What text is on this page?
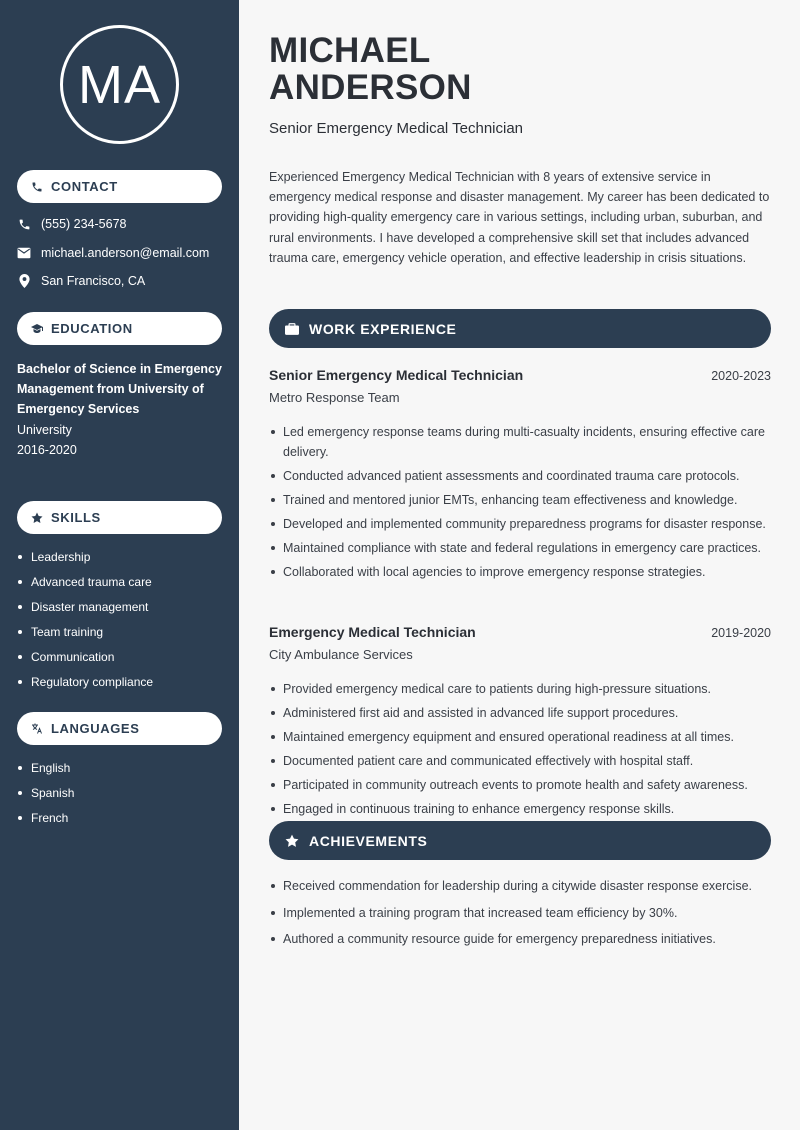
MA
CONTACT
(555) 234-5678
michael.anderson@email.com
San Francisco, CA
EDUCATION
Bachelor of Science in Emergency Management from University of Emergency Services
University
2016-2020
SKILLS
Leadership
Advanced trauma care
Disaster management
Team training
Communication
Regulatory compliance
LANGUAGES
English
Spanish
French
MICHAEL
ANDERSON
Senior Emergency Medical Technician

Experienced Emergency Medical Technician with 8 years of extensive service in emergency medical response and disaster management. My career has been dedicated to providing high-quality emergency care in various settings, including urban, suburban, and rural environments. I have developed a comprehensive skill set that includes advanced trauma care, emergency vehicle operation, and effective leadership in crisis situations.

WORK EXPERIENCE
Senior Emergency Medical Technician	2020-2023
Metro Response Team
Led emergency response teams during multi-casualty incidents, ensuring effective care delivery.
Conducted advanced patient assessments and coordinated trauma care protocols.
Trained and mentored junior EMTs, enhancing team effectiveness and knowledge.
Developed and implemented community preparedness programs for disaster response.
Maintained compliance with state and federal regulations in emergency care practices.
Collaborated with local agencies to improve emergency response strategies.
Emergency Medical Technician	2019-2020
City Ambulance Services
Provided emergency medical care to patients during high-pressure situations.
Administered first aid and assisted in advanced life support procedures.
Maintained emergency equipment and ensured operational readiness at all times.
Documented patient care and communicated effectively with hospital staff.
Participated in community outreach events to promote health and safety awareness.
Engaged in continuous training to enhance emergency response skills.
ACHIEVEMENTS
Received commendation for leadership during a citywide disaster response exercise.
Implemented a training program that increased team efficiency by 30%.
Authored a community resource guide for emergency preparedness initiatives.
